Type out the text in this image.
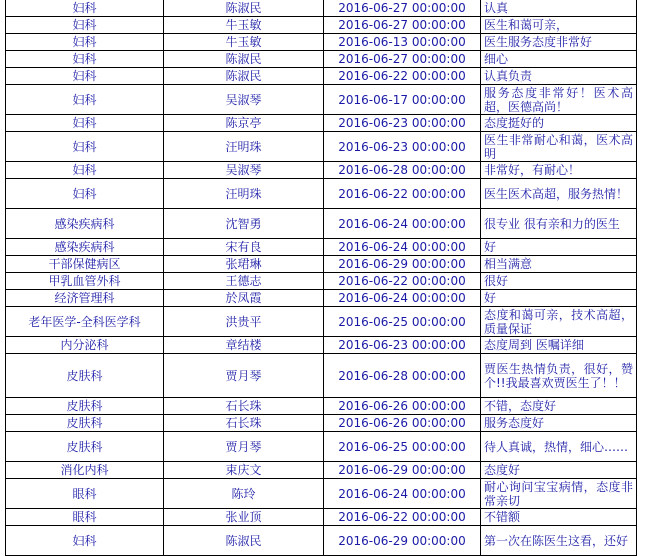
妇科	陈淑民	2016-06-27 00:00:00	认真
妇科	牛玉敏	2016-06-27 00:00:00	医生和蔼可亲，
妇科	牛玉敏	2016-06-13 00:00:00	医生服务态度非常好
妇科	陈淑民	2016-06-27 00:00:00	细心
妇科	陈淑民	2016-06-22 00:00:00	认真负责
妇科	吴淑琴	2016-06-17 00:00:00	服务态度非常好！医术高超，医德高尚！
妇科	陈京亭	2016-06-23 00:00:00	态度挺好的
妇科	汪明珠	2016-06-23 00:00:00	医生非常耐心和蔼，医术高明
妇科	吴淑琴	2016-06-28 00:00:00	非常好，有耐心！
妇科	汪明珠	2016-06-22 00:00:00	医生医术高超，服务热情！
感染疾病科	沈智勇	2016-06-24 00:00:00	很专业 很有亲和力的医生
感染疾病科	宋有良	2016-06-24 00:00:00	好
干部保健病区	张珺琳	2016-06-29 00:00:00	相当满意
甲乳血管外科	王德志	2016-06-22 00:00:00	很好
经济管理科	於凤霞	2016-06-24 00:00:00	好
老年医学-全科医学科	洪贵平	2016-06-25 00:00:00	态度和蔼可亲，技术高超，质量保证
内分泌科	章结楼	2016-06-23 00:00:00	态度周到 医嘱详细
皮肤科	贾月琴	2016-06-28 00:00:00	贾医生热情负责，很好，赞个!!我最喜欢贾医生了！！
皮肤科	石长珠	2016-06-26 00:00:00	不错，态度好
皮肤科	石长珠	2016-06-26 00:00:00	服务态度好
皮肤科	贾月琴	2016-06-25 00:00:00	待人真诚，热情，细心……
消化内科	束庆文	2016-06-29 00:00:00	态度好
眼科	陈玲	2016-06-24 00:00:00	耐心询问宝宝病情，态度非常亲切
眼科	张业顶	2016-06-22 00:00:00	不错额
妇科	陈淑民	2016-06-29 00:00:00	第一次在陈医生这看，还好
